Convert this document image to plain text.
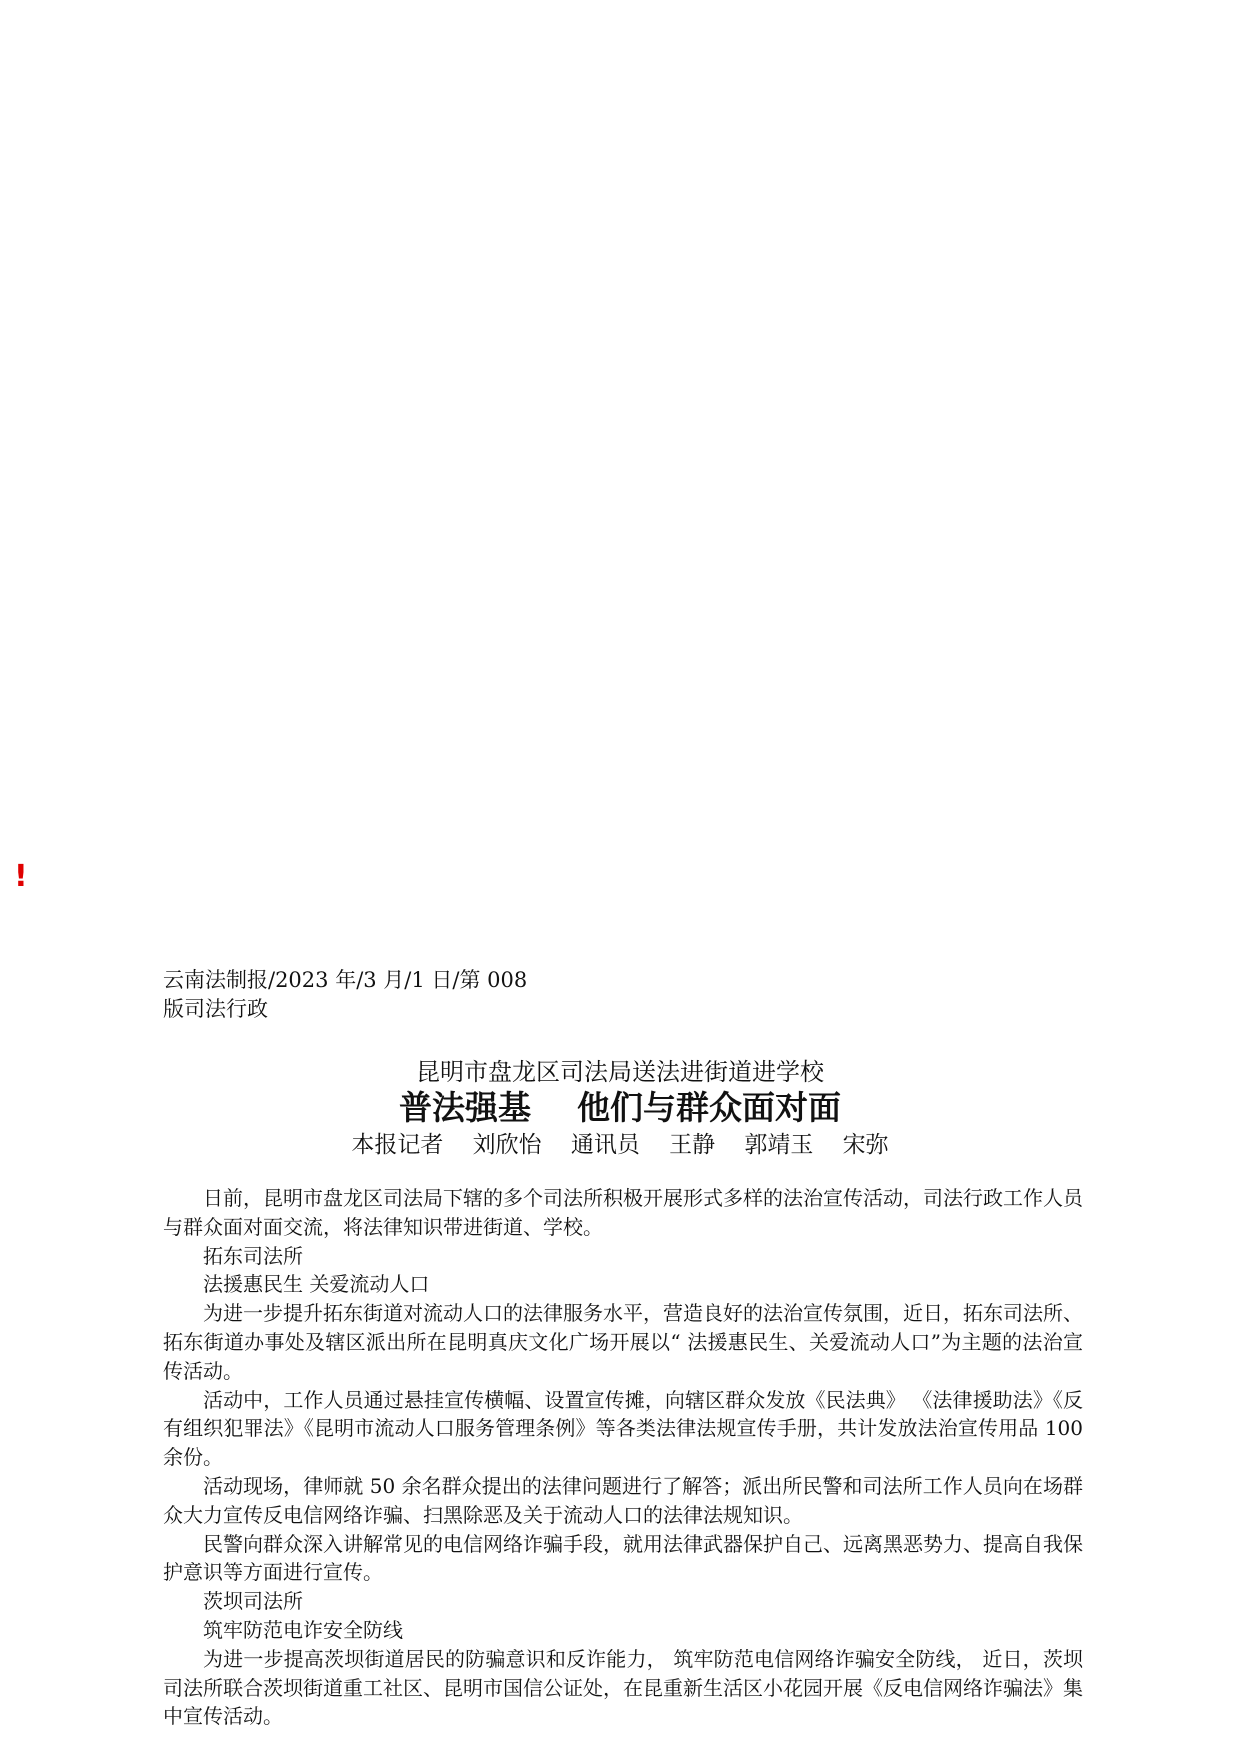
!
云南法制报/2023 年/3 月/1 日/第 008
版司法行政
昆明市盘龙区司法局送法进街道进学校
普法强基    他们与群众面对面
本报记者    刘欣怡    通讯员    王静    郭靖玉    宋弥

日前，昆明市盘龙区司法局下辖的多个司法所积极开展形式多样的法治宣传活动，司法行政工作人员与群众面对面交流，将法律知识带进街道、学校。

拓东司法所

法援惠民生 关爱流动人口

为进一步提升拓东街道对流动人口的法律服务水平，营造良好的法治宣传氛围，近日，拓东司法所、拓东街道办事处及辖区派出所在昆明真庆文化广场开展以“ 法援惠民生、关爱流动人口”为主题的法治宣传活动。

活动中，工作人员通过悬挂宣传横幅、设置宣传摊，向辖区群众发放《民法典》 《法律援助法》《反有组织犯罪法》《昆明市流动人口服务管理条例》等各类法律法规宣传手册，共计发放法治宣传用品 100 余份。

活动现场，律师就 50 余名群众提出的法律问题进行了解答；派出所民警和司法所工作人员向在场群众大力宣传反电信网络诈骗、扫黑除恶及关于流动人口的法律法规知识。

民警向群众深入讲解常见的电信网络诈骗手段，就用法律武器保护自己、远离黑恶势力、提高自我保护意识等方面进行宣传。

茨坝司法所

筑牢防范电诈安全防线

为进一步提高茨坝街道居民的防骗意识和反诈能力， 筑牢防范电信网络诈骗安全防线， 近日，茨坝司法所联合茨坝街道重工社区、昆明市国信公证处，在昆重新生活区小花园开展《反电信网络诈骗法》集中宣传活动。
